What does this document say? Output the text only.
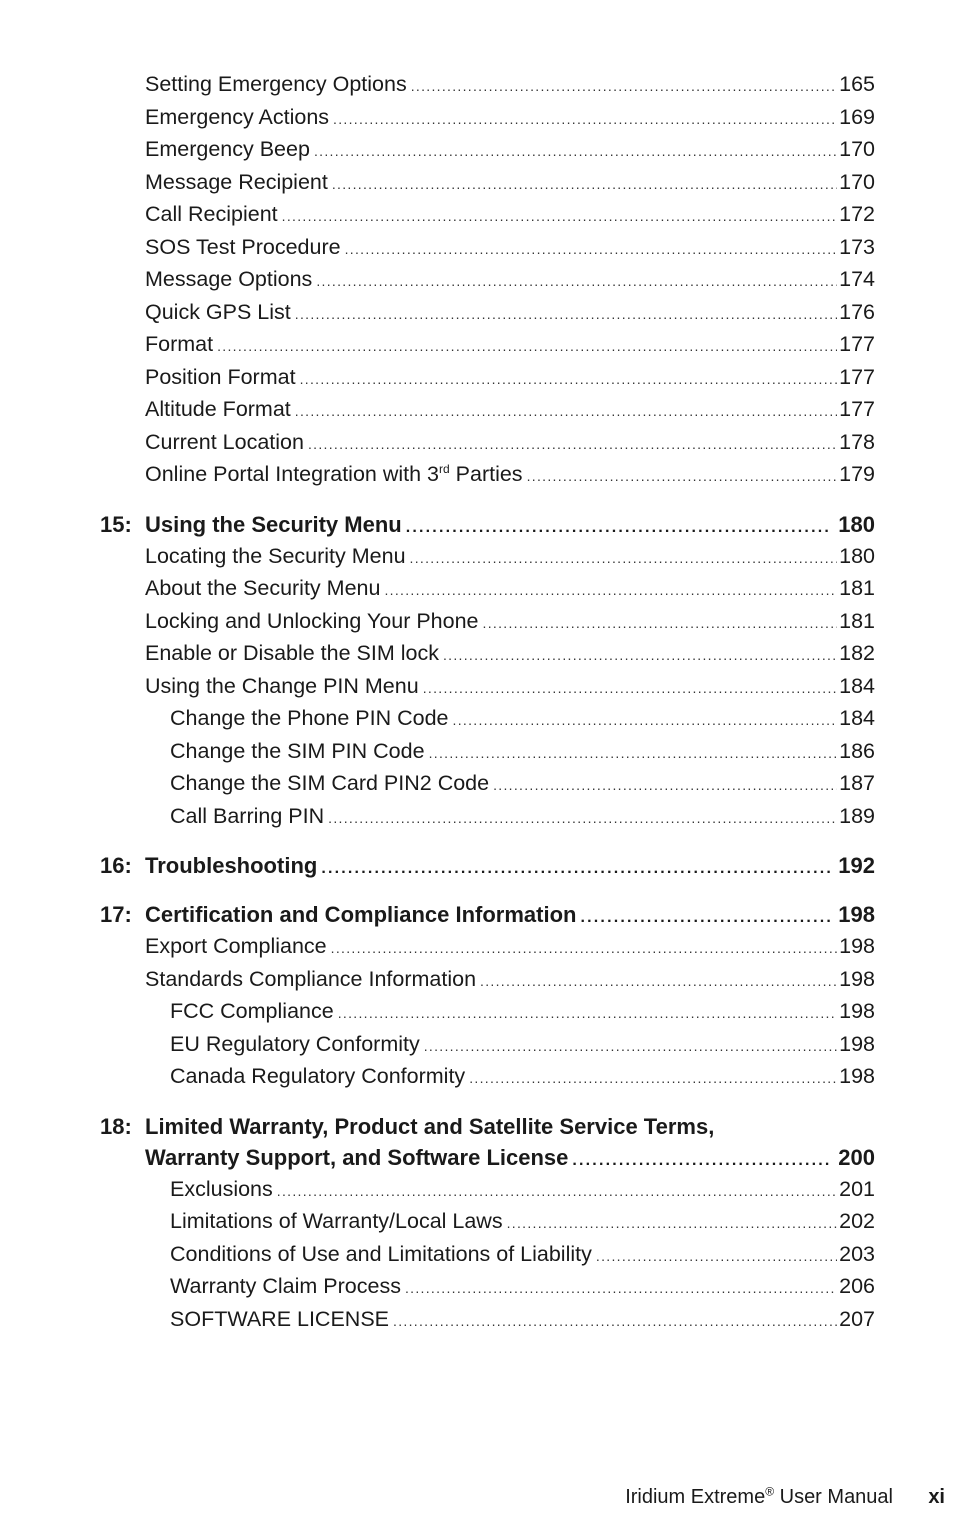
Setting Emergency Options .....	165
Emergency Actions .....	169
Emergency Beep .....	170
Message Recipient .....	170
Call Recipient .....	172
SOS Test Procedure .....	173
Message Options .....	174
Quick GPS List .....	176
Format .....	177
Position Format .....	177
Altitude Format .....	177
Current Location .....	178
Online Portal Integration with 3rd Parties .....	179
15: Using the Security Menu .....	180
Locating the Security Menu .....	180
About the Security Menu .....	181
Locking and Unlocking Your Phone .....	181
Enable or Disable the SIM lock .....	182
Using the Change PIN Menu .....	184
Change the Phone PIN Code .....	184
Change the SIM PIN Code .....	186
Change the SIM Card PIN2 Code .....	187
Call Barring PIN .....	189
16: Troubleshooting .....	192
17: Certification and Compliance Information .....	198
Export Compliance .....	198
Standards Compliance Information .....	198
FCC Compliance .....	198
EU Regulatory Conformity .....	198
Canada Regulatory Conformity .....	198
18: Limited Warranty, Product and Satellite Service Terms,
Warranty Support, and Software License .....	200
Exclusions .....	201
Limitations of Warranty/Local Laws .....	202
Conditions of Use and Limitations of Liability .....	203
Warranty Claim Process .....	206
SOFTWARE LICENSE .....	207
Iridium Extreme® User Manual xi
